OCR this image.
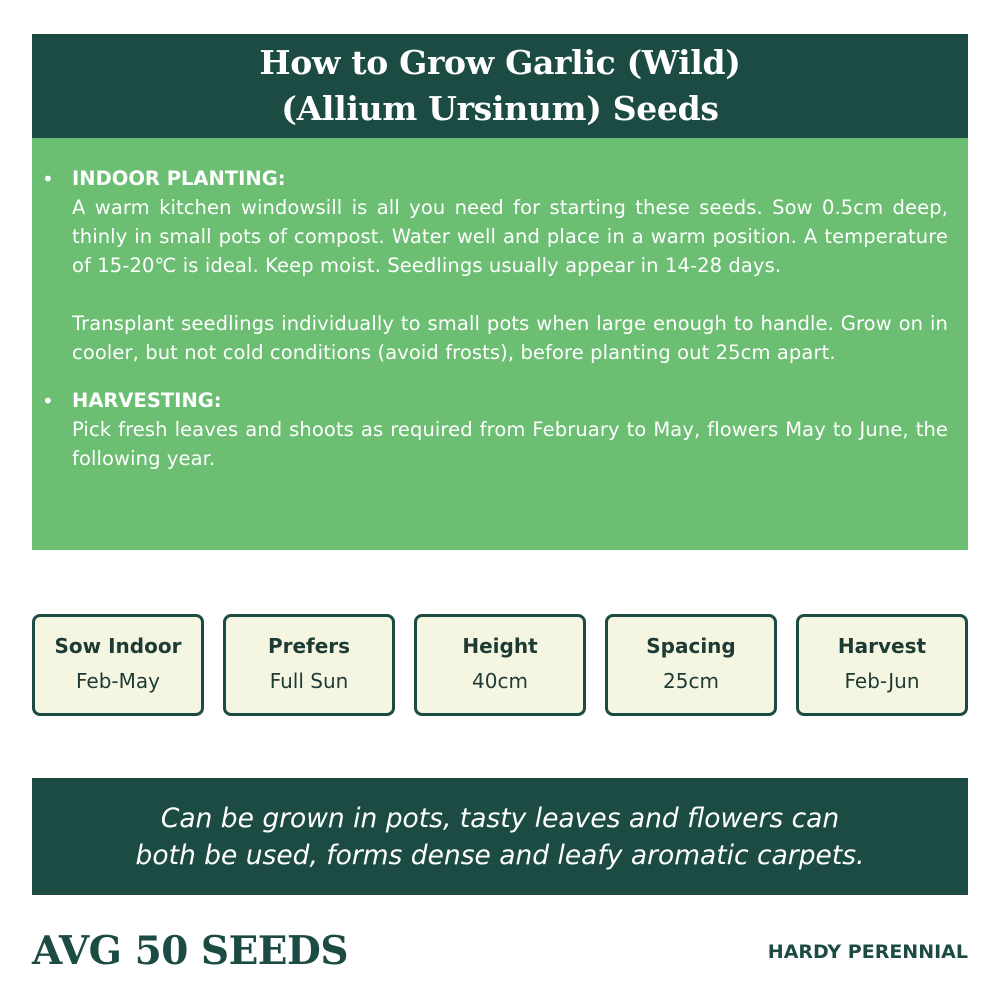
How to Grow Garlic (Wild)
(Allium Ursinum) Seeds
• INDOOR PLANTING:
A warm kitchen windowsill is all you need for starting these seeds. Sow 0.5cm deep, thinly in small pots of compost. Water well and place in a warm position. A temperature of 15-20℃ is ideal. Keep moist. Seedlings usually appear in 14-28 days.
Transplant seedlings individually to small pots when large enough to handle. Grow on in cooler, but not cold conditions (avoid frosts), before planting out 25cm apart.
• HARVESTING:
Pick fresh leaves and shoots as required from February to May, flowers May to June, the following year.
Sow Indoor
Feb-May
Prefers
Full Sun
Height
40cm
Spacing
25cm
Harvest
Feb-Jun
Can be grown in pots, tasty leaves and flowers can
both be used, forms dense and leafy aromatic carpets.
AVG 50 SEEDS	HARDY PERENNIAL
